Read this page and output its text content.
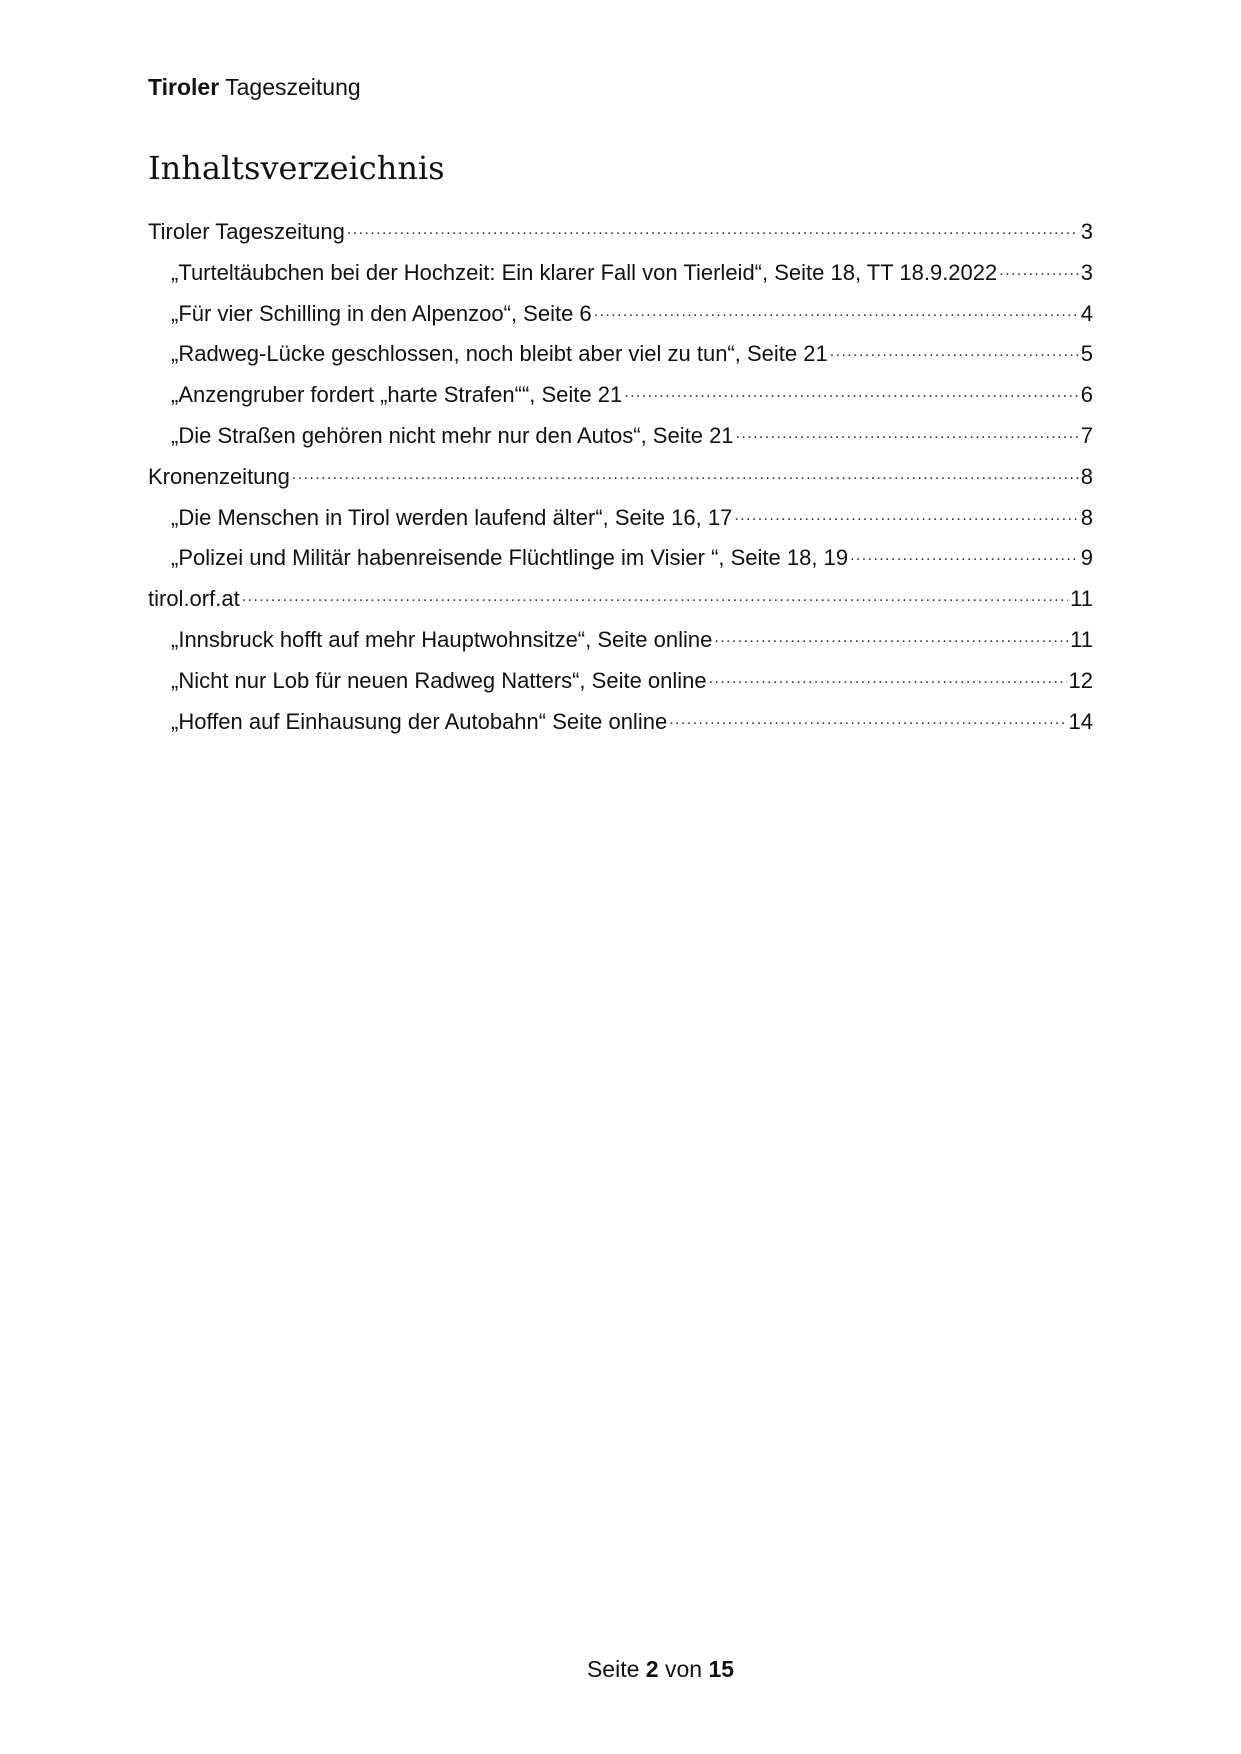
Tiroler Tageszeitung
Inhaltsverzeichnis
Tiroler Tageszeitung .....	3
„Turteltäubchen bei der Hochzeit: Ein klarer Fall von Tierleid“, Seite 18, TT 18.9.2022 .....	3
„Für vier Schilling in den Alpenzoo“, Seite 6 .....	4
„Radweg-Lücke geschlossen, noch bleibt aber viel zu tun“, Seite 21 .....	5
„Anzengruber fordert „harte Strafen““, Seite 21 .....	6
„Die Straßen gehören nicht mehr nur den Autos“, Seite 21 .....	7
Kronenzeitung .....	8
„Die Menschen in Tirol werden laufend älter“, Seite 16, 17 .....	8
„Polizei und Militär habenreisende Flüchtlinge im Visier “, Seite 18, 19 .....	9
tirol.orf.at .....	11
„Innsbruck hofft auf mehr Hauptwohnsitze“, Seite online .....	11
„Nicht nur Lob für neuen Radweg Natters“, Seite online .....	12
„Hoffen auf Einhausung der Autobahn“ Seite online .....	14
Seite 2 von 15
